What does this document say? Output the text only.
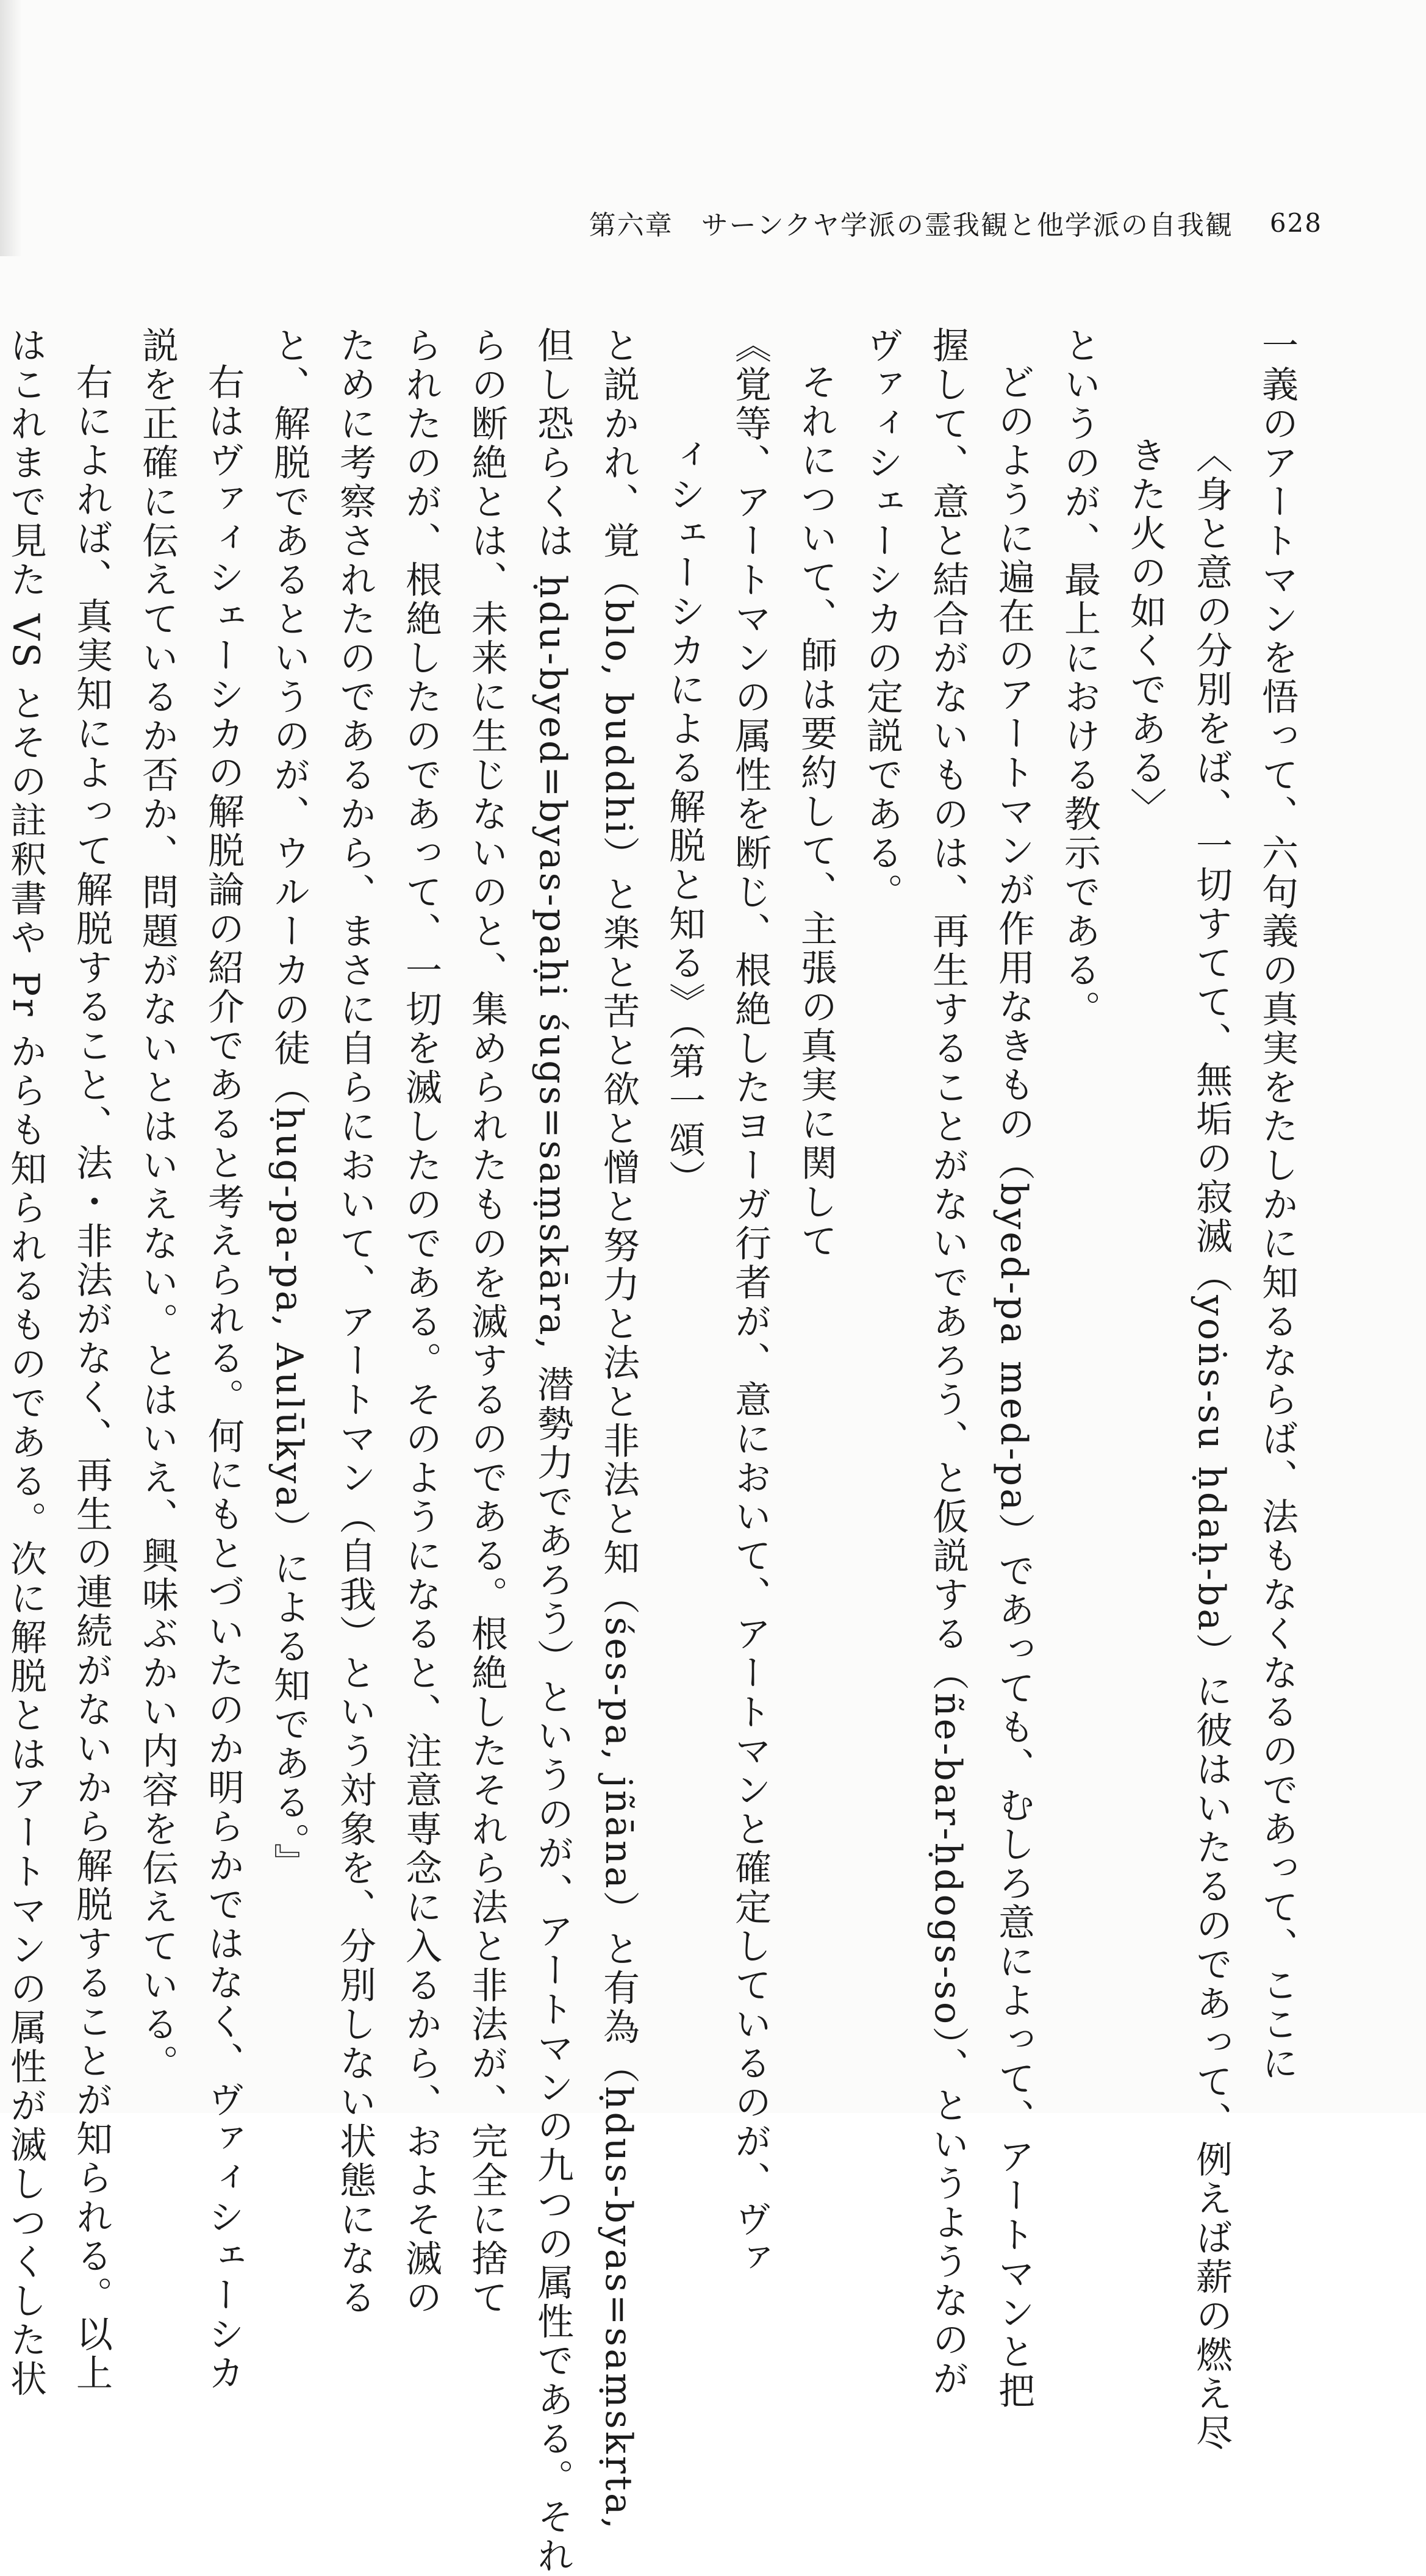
第六章　サーンクヤ学派の霊我観と他学派の自我観 628
一義のアートマンを悟って、六句義の真実をたしかに知るならば、法もなくなるのであって、ここに
〈身と意の分別をば、一切すてて、無垢の寂滅（yoṅs-su ḥdaḥ-ba）に彼はいたるのであって、例えば薪の燃え尽
きた火の如くである〉
というのが、最上における教示である。
どのように遍在のアートマンが作用なきもの（byed-pa med-pa）であっても、むしろ意によって、アートマンと把
握して、意と結合がないものは、再生することがないであろう、と仮説する（ñe-bar-ḥdogs-so）、というようなのが
ヴァィシェーシカの定説である。
それについて、師は要約して、主張の真実に関して
《覚等、アートマンの属性を断じ、根絶したヨーガ行者が、意において、アートマンと確定しているのが、ヴァ
ィシェーシカによる解脱と知る》（第一頌）
と説かれ、覚（blo, buddhi）と楽と苦と欲と憎と努力と法と非法と知（śes-pa, jñāna）と有為（ḥdus-byas=saṃskṛta,
但し恐らくは ḥdu-byed=byas-paḥi śugs=saṃskāra, 潜勢力であろう）というのが、アートマンの九つの属性である。それ
らの断絶とは、未来に生じないのと、集められたものを滅するのである。根絶したそれら法と非法が、完全に捨て
られたのが、根絶したのであって、一切を滅したのである。そのようになると、注意専念に入るから、およそ滅の
ために考察されたのであるから、まさに自らにおいて、アートマン（自我）という対象を、分別しない状態になる
と、解脱であるというのが、ウルーカの徒（ḥug-pa-pa, Aulūkya）による知である。』
右はヴァィシェーシカの解脱論の紹介であると考えられる。何にもとづいたのか明らかではなく、ヴァィシェーシカ
説を正確に伝えているか否か、問題がないとはいえない。とはいえ、興味ぶかい内容を伝えている。
右によれば、真実知によって解脱すること、法・非法がなく、再生の連続がないから解脱することが知られる。以上
はこれまで見た VS とその註釈書や Pr からも知られるものである。次に解脱とはアートマンの属性が滅しつくした状
